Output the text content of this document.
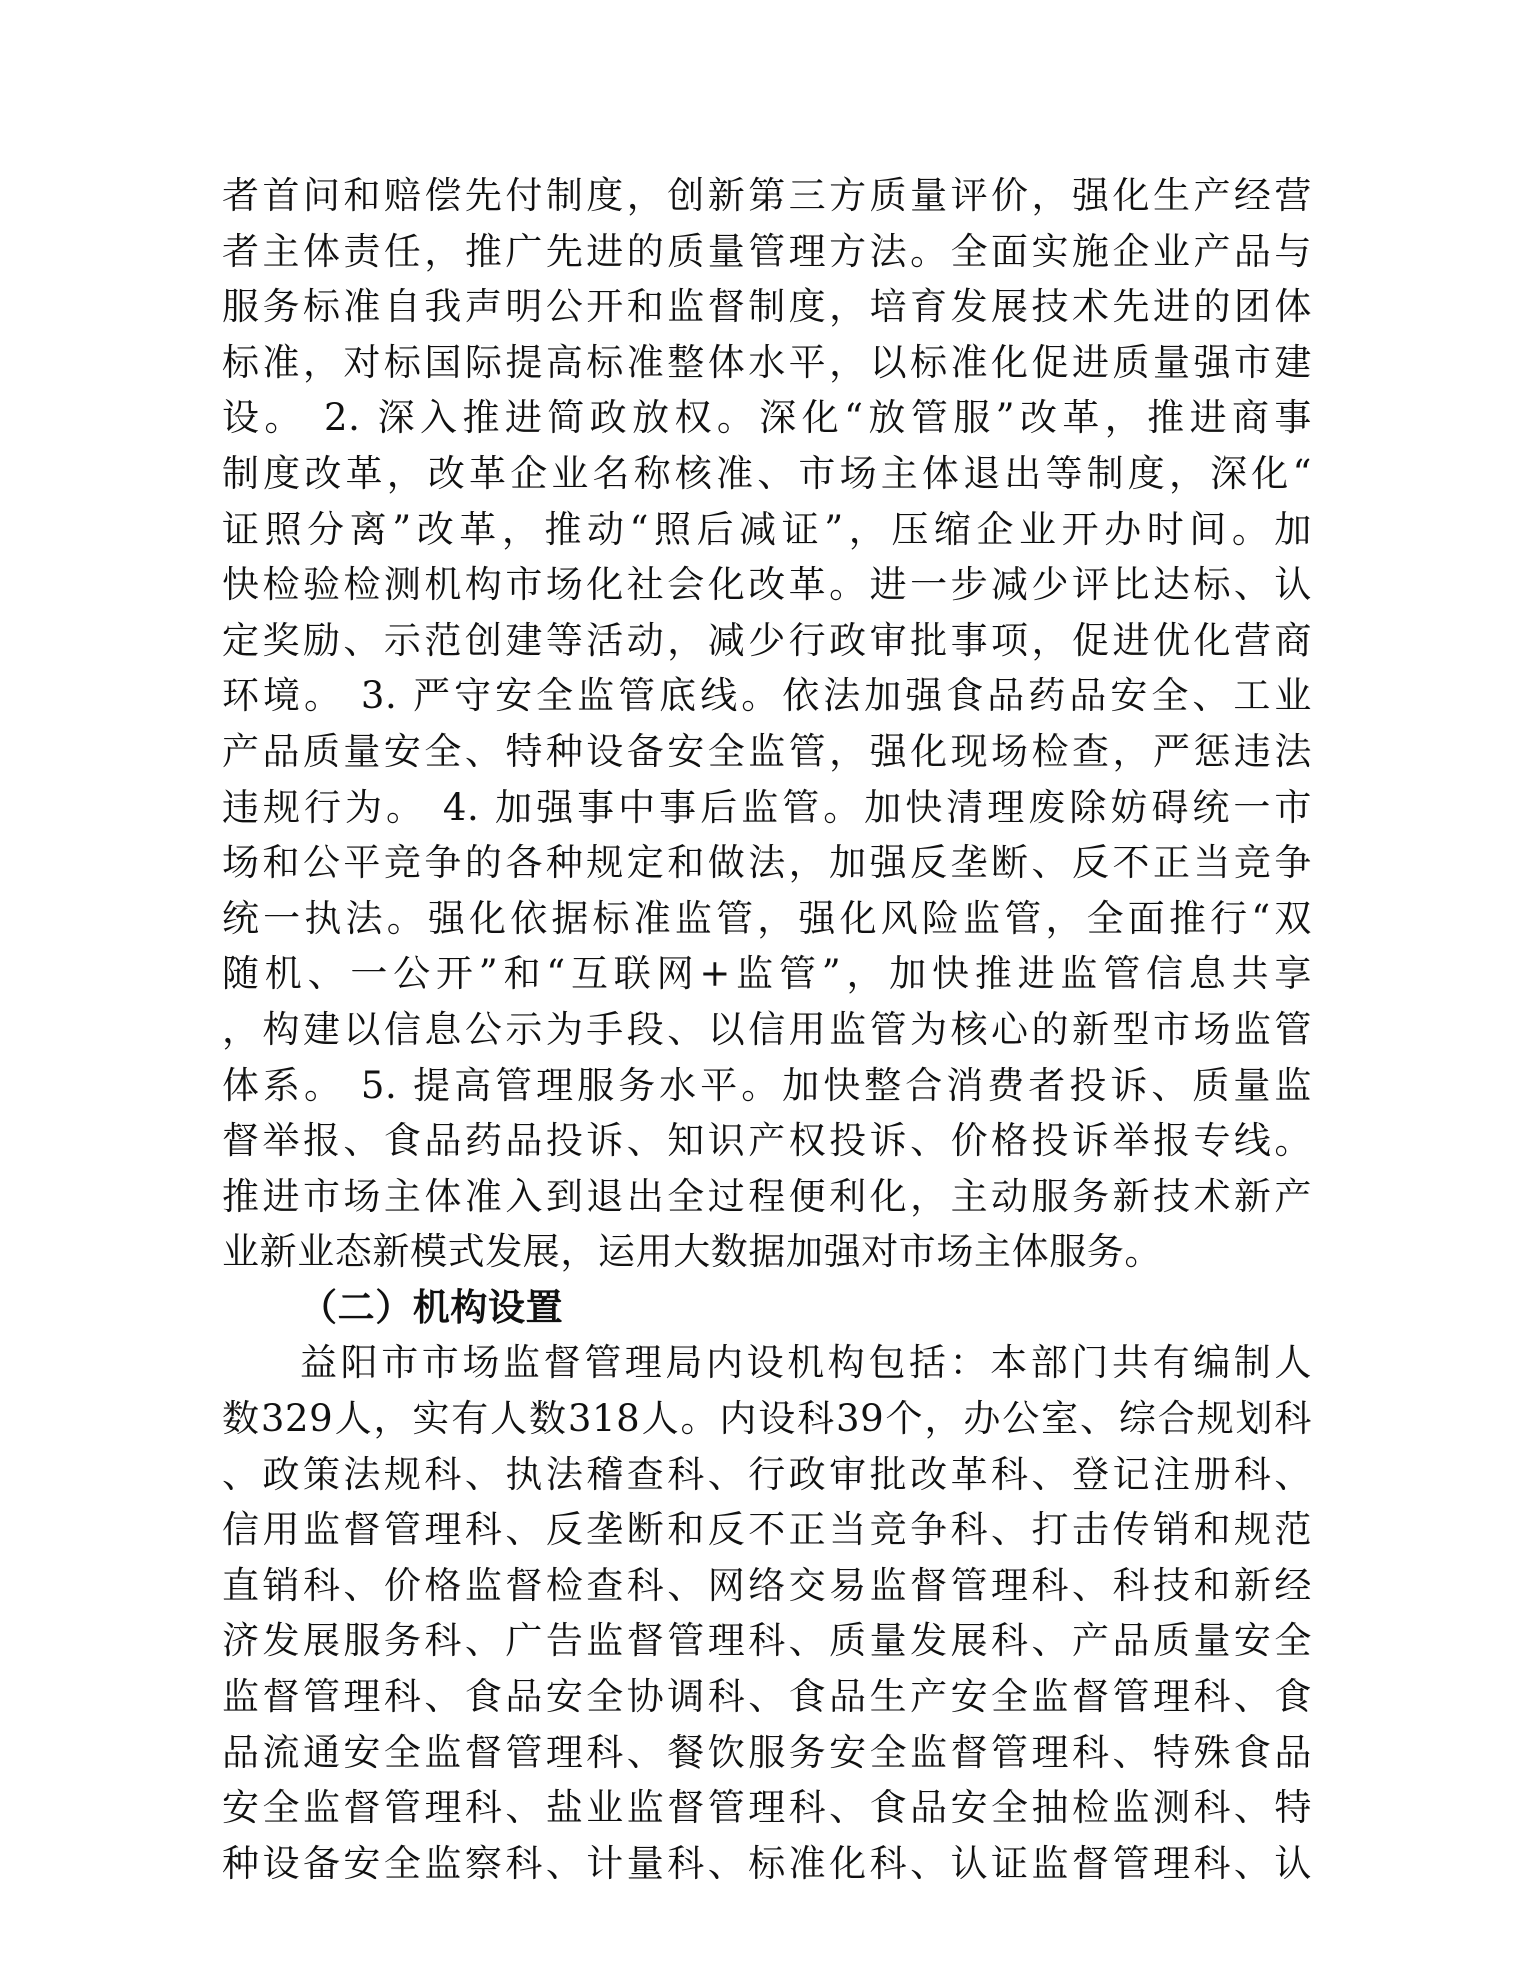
者首问和赔偿先付制度，创新第三方质量评价，强化生产经营
者主体责任，推广先进的质量管理方法。全面实施企业产品与
服务标准自我声明公开和监督制度，培育发展技术先进的团体
标准，对标国际提高标准整体水平，以标准化促进质量强市建
设。 2. 深入推进简政放权。深化“放管服”改革，推进商事
制度改革，改革企业名称核准、市场主体退出等制度，深化“
证照分离”改革，推动“照后减证”，压缩企业开办时间。加
快检验检测机构市场化社会化改革。进一步减少评比达标、认
定奖励、示范创建等活动，减少行政审批事项，促进优化营商
环境。 3. 严守安全监管底线。依法加强食品药品安全、工业
产品质量安全、特种设备安全监管，强化现场检查，严惩违法
违规行为。 4. 加强事中事后监管。加快清理废除妨碍统一市
场和公平竞争的各种规定和做法，加强反垄断、反不正当竞争
统一执法。强化依据标准监管，强化风险监管，全面推行“双
随机、一公开”和“互联网+监管”，加快推进监管信息共享
，构建以信息公示为手段、以信用监管为核心的新型市场监管
体系。 5. 提高管理服务水平。加快整合消费者投诉、质量监
督举报、食品药品投诉、知识产权投诉、价格投诉举报专线。
推进市场主体准入到退出全过程便利化，主动服务新技术新产
业新业态新模式发展，运用大数据加强对市场主体服务。
（二）机构设置
益阳市市场监督管理局内设机构包括：本部门共有编制人
数329人，实有人数318人。内设科39个，办公室、综合规划科
、政策法规科、执法稽查科、行政审批改革科、登记注册科、
信用监督管理科、反垄断和反不正当竞争科、打击传销和规范
直销科、价格监督检查科、网络交易监督管理科、科技和新经
济发展服务科、广告监督管理科、质量发展科、产品质量安全
监督管理科、食品安全协调科、食品生产安全监督管理科、食
品流通安全监督管理科、餐饮服务安全监督管理科、特殊食品
安全监督管理科、盐业监督管理科、食品安全抽检监测科、特
种设备安全监察科、计量科、标准化科、认证监督管理科、认
